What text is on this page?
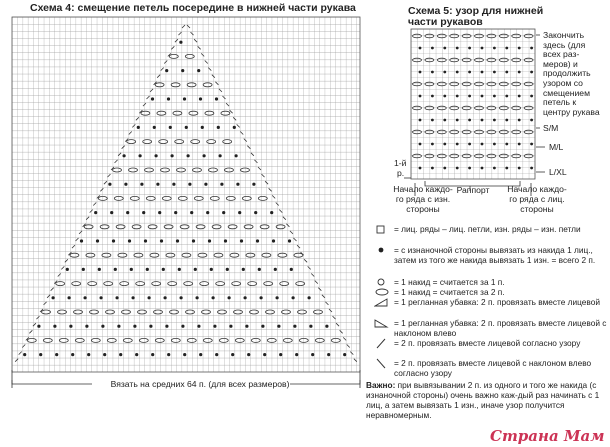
Схема 4: смещение петель посередине в нижней части рукава
Вязать на средних 64 п. (для всех размеров)
Схема 5: узор для нижней
части рукавов
Закончить здесь (для всех раз-меров) и продолжить узором со смещением петель к центру рукава
S/M
M/L
L/XL
1-й
р.
Начало каждо-
го ряда с изн.
стороны
Раппорт	Начало каждо-
го ряда с лиц.
стороны
= лиц. ряды – лиц. петли, изн. ряды – изн. петли
= с изнаночной стороны вывязать из накида 1 лиц., затем из того же накида вывязать 1 изн. = всего 2 п.
= 1 накид = считается за 1 п.
= 1 накид = считается за 2 п.
= 1 регланная убавка: 2 п. провязать вместе лицевой
= 1 регланная убавка: 2 п. провязать вместе лицевой с наклоном влево
= 2 п. провязать вместе лицевой согласно узору
= 2 п. провязать вместе лицевой с наклоном влево согласно узору
Важно: при вывязывании 2 п. из одного и того же накида (с изнаночной стороны) очень важно каж-дый раз начинать с 1 лиц, а затем вывязать 1 изн., иначе узор получится неравномерным.
Страна Мам
